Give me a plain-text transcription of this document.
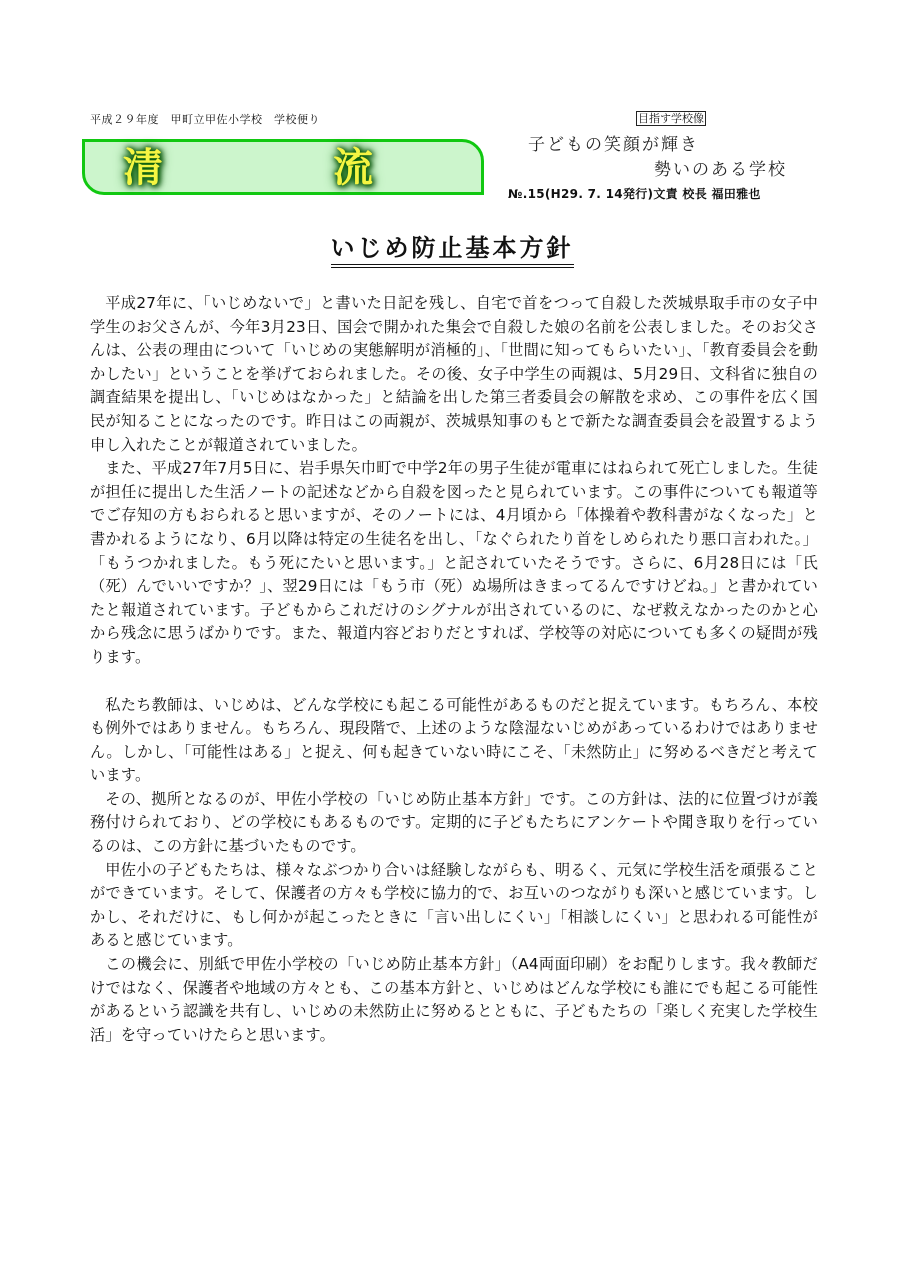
平成２９年度　甲町立甲佐小学校　学校便り
清	流
目指す学校像
子どもの笑顔が輝き
勢いのある学校
№.15(H29. 7. 14発行)文責 校長 福田雅也
いじめ防止基本方針

平成27年に、「いじめないで」と書いた日記を残し、自宅で首をつって自殺した茨城県取手市の女子中学生のお父さんが、今年3月23日、国会で開かれた集会で自殺した娘の名前を公表しました。そのお父さんは、公表の理由について「いじめの実態解明が消極的」、「世間に知ってもらいたい」、「教育委員会を動かしたい」ということを挙げておられました。その後、女子中学生の両親は、5月29日、文科省に独自の調査結果を提出し、「いじめはなかった」と結論を出した第三者委員会の解散を求め、この事件を広く国民が知ることになったのです。昨日はこの両親が、茨城県知事のもとで新たな調査委員会を設置するよう申し入れたことが報道されていました。

また、平成27年7月5日に、岩手県矢巾町で中学2年の男子生徒が電車にはねられて死亡しました。生徒が担任に提出した生活ノートの記述などから自殺を図ったと見られています。この事件についても報道等でご存知の方もおられると思いますが、そのノートには、4月頃から「体操着や教科書がなくなった」と書かれるようになり、6月以降は特定の生徒名を出し、「なぐられたり首をしめられたり悪口言われた。」「もうつかれました。もう死にたいと思います。」と記されていたそうです。さらに、6月28日には「氏（死）んでいいですか？」、翌29日には「もう市（死）ぬ場所はきまってるんですけどね。」と書かれていたと報道されています。子どもからこれだけのシグナルが出されているのに、なぜ救えなかったのかと心から残念に思うばかりです。また、報道内容どおりだとすれば、学校等の対応についても多くの疑問が残ります。

私たち教師は、いじめは、どんな学校にも起こる可能性があるものだと捉えています。もちろん、本校も例外ではありません。もちろん、現段階で、上述のような陰湿ないじめがあっているわけではありません。しかし、「可能性はある」と捉え、何も起きていない時にこそ、「未然防止」に努めるべきだと考えています。

その、拠所となるのが、甲佐小学校の「いじめ防止基本方針」です。この方針は、法的に位置づけが義務付けられており、どの学校にもあるものです。定期的に子どもたちにアンケートや聞き取りを行っているのは、この方針に基づいたものです。

甲佐小の子どもたちは、様々なぶつかり合いは経験しながらも、明るく、元気に学校生活を頑張ることができています。そして、保護者の方々も学校に協力的で、お互いのつながりも深いと感じています。しかし、それだけに、もし何かが起こったときに「言い出しにくい」「相談しにくい」と思われる可能性があると感じています。

この機会に、別紙で甲佐小学校の「いじめ防止基本方針」（A4両面印刷）をお配りします。我々教師だけではなく、保護者や地域の方々とも、この基本方針と、いじめはどんな学校にも誰にでも起こる可能性があるという認識を共有し、いじめの未然防止に努めるとともに、子どもたちの「楽しく充実した学校生活」を守っていけたらと思います。
